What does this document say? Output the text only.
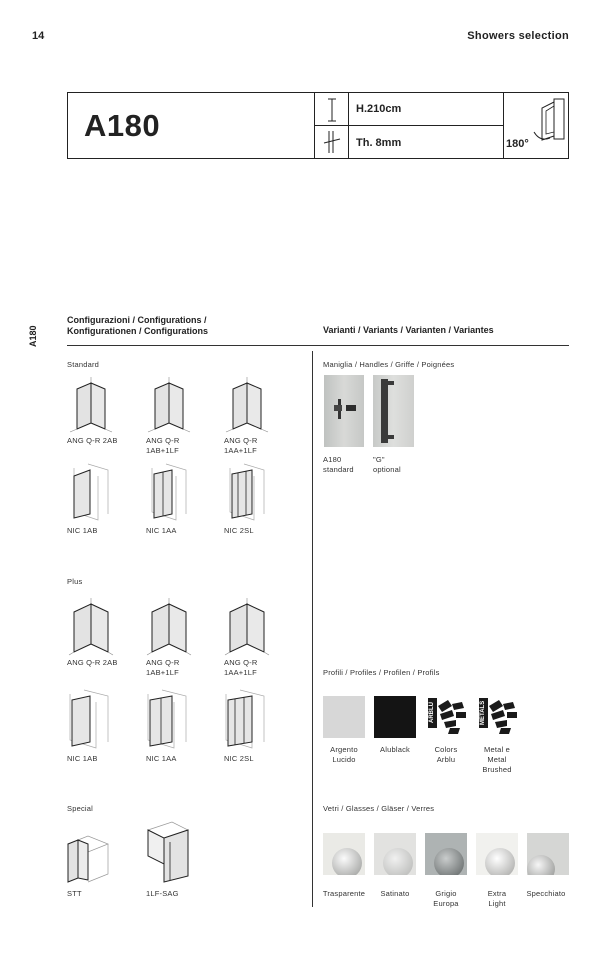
14	Showers selection
A180	H.210cm
Th. 8mm	180°
A180
Configurazioni / Configurations /
Konfigurationen / Configurations	Varianti / Variants / Varianten / Variantes
Standard
ANG Q-R 2AB	ANG Q-R
1AB+1LF
ANG Q-R
1AA+1LF
NIC 1AB	NIC 1AA	NIC 2SL
Plus
ANG Q-R 2AB	ANG Q-R
1AB+1LF
ANG Q-R
1AA+1LF
NIC 1AB	NIC 1AA	NIC 2SL
Special
STT	1LF-SAG
Maniglia / Handles / Griffe / Poignées
A180
standard
"G"
optional
Profili / Profiles / Profilen / Profils
ARBLU	METALS
Argento
Lucido
Alublack	Colors
Arblu
Metal e
Metal
Brushed
Vetri / Glasses / Gläser / Verres
Trasparente	Satinato	Grigio
Europa
Extra
Light
Specchiato
